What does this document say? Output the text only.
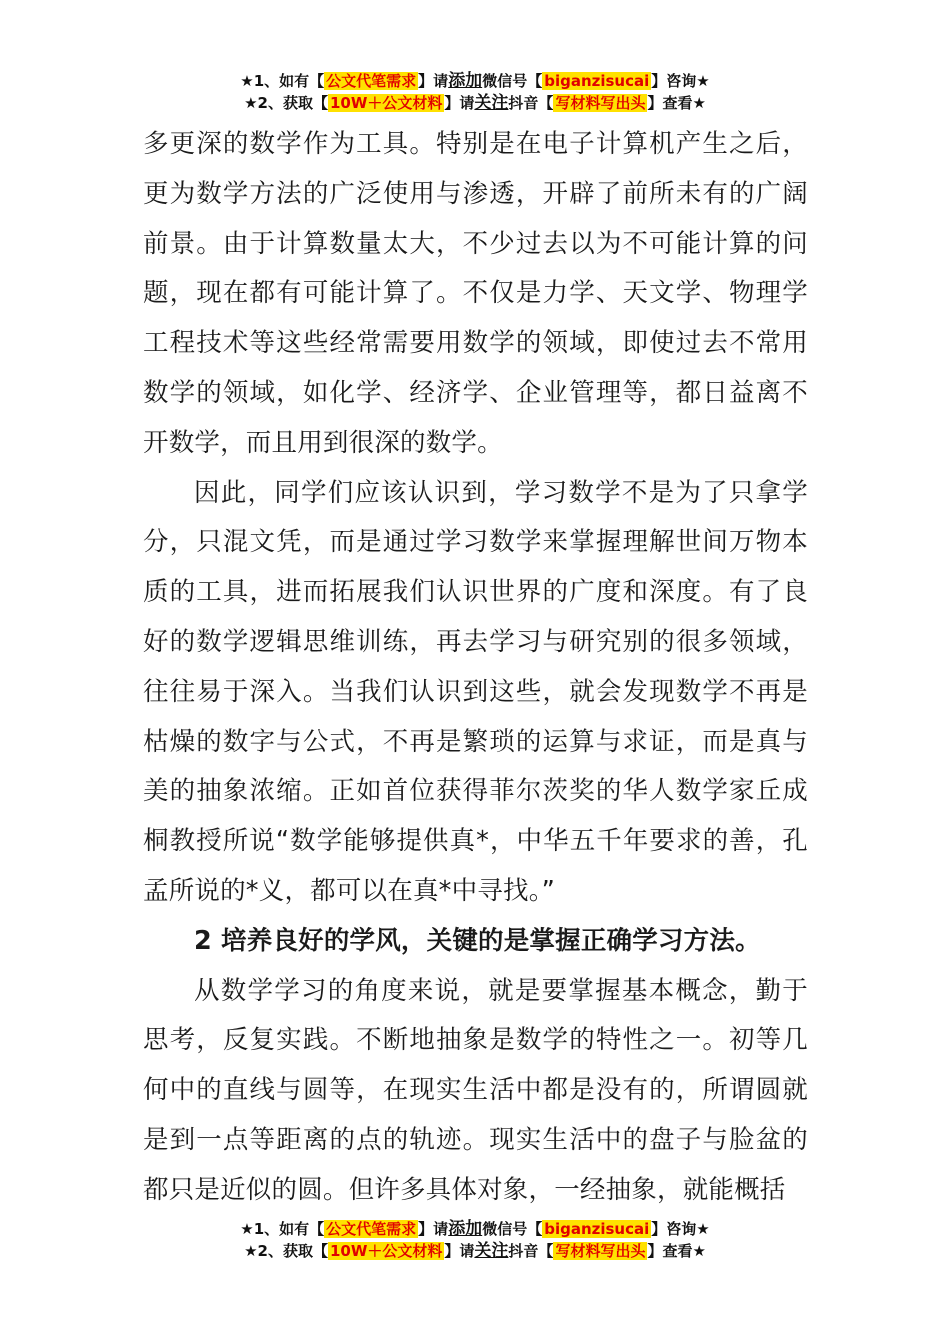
★1、如有【 公文代笔需求 】请添加微信号【 biganzisucai 】咨询★
★2、获取【 10W＋公文材料 】请关注抖音【 写材料写出头 】查看★

多更深的数学作为工具。特别是在电子计算机产生之后，更为数学方法的广泛使用与渗透，开辟了前所未有的广阔前景。由于计算数量太大，不少过去以为不可能计算的问题，现在都有可能计算了。不仅是力学、天文学、物理学工程技术等这些经常需要用数学的领域，即使过去不常用数学的领域，如化学、经济学、企业管理等，都日益离不开数学，而且用到很深的数学。

因此，同学们应该认识到，学习数学不是为了只拿学分，只混文凭，而是通过学习数学来掌握理解世间万物本质的工具，进而拓展我们认识世界的广度和深度。有了良好的数学逻辑思维训练，再去学习与研究别的很多领域，往往易于深入。当我们认识到这些，就会发现数学不再是枯燥的数字与公式，不再是繁琐的运算与求证，而是真与美的抽象浓缩。正如首位获得菲尔茨奖的华人数学家丘成桐教授所说“数学能够提供真*，中华五千年要求的善，孔孟所说的*义，都可以在真*中寻找。”

2 培养良好的学风，关键的是掌握正确学习方法。

从数学学习的角度来说，就是要掌握基本概念，勤于思考，反复实践。不断地抽象是数学的特性之一。初等几何中的直线与圆等，在现实生活中都是没有的，所谓圆就是到一点等距离的点的轨迹。现实生活中的盘子与脸盆的都只是近似的圆。但许多具体对象，一经抽象，就能概括

★1、如有【 公文代笔需求 】请添加微信号【 biganzisucai 】咨询★
★2、获取【 10W＋公文材料 】请关注抖音【 写材料写出头 】查看★
